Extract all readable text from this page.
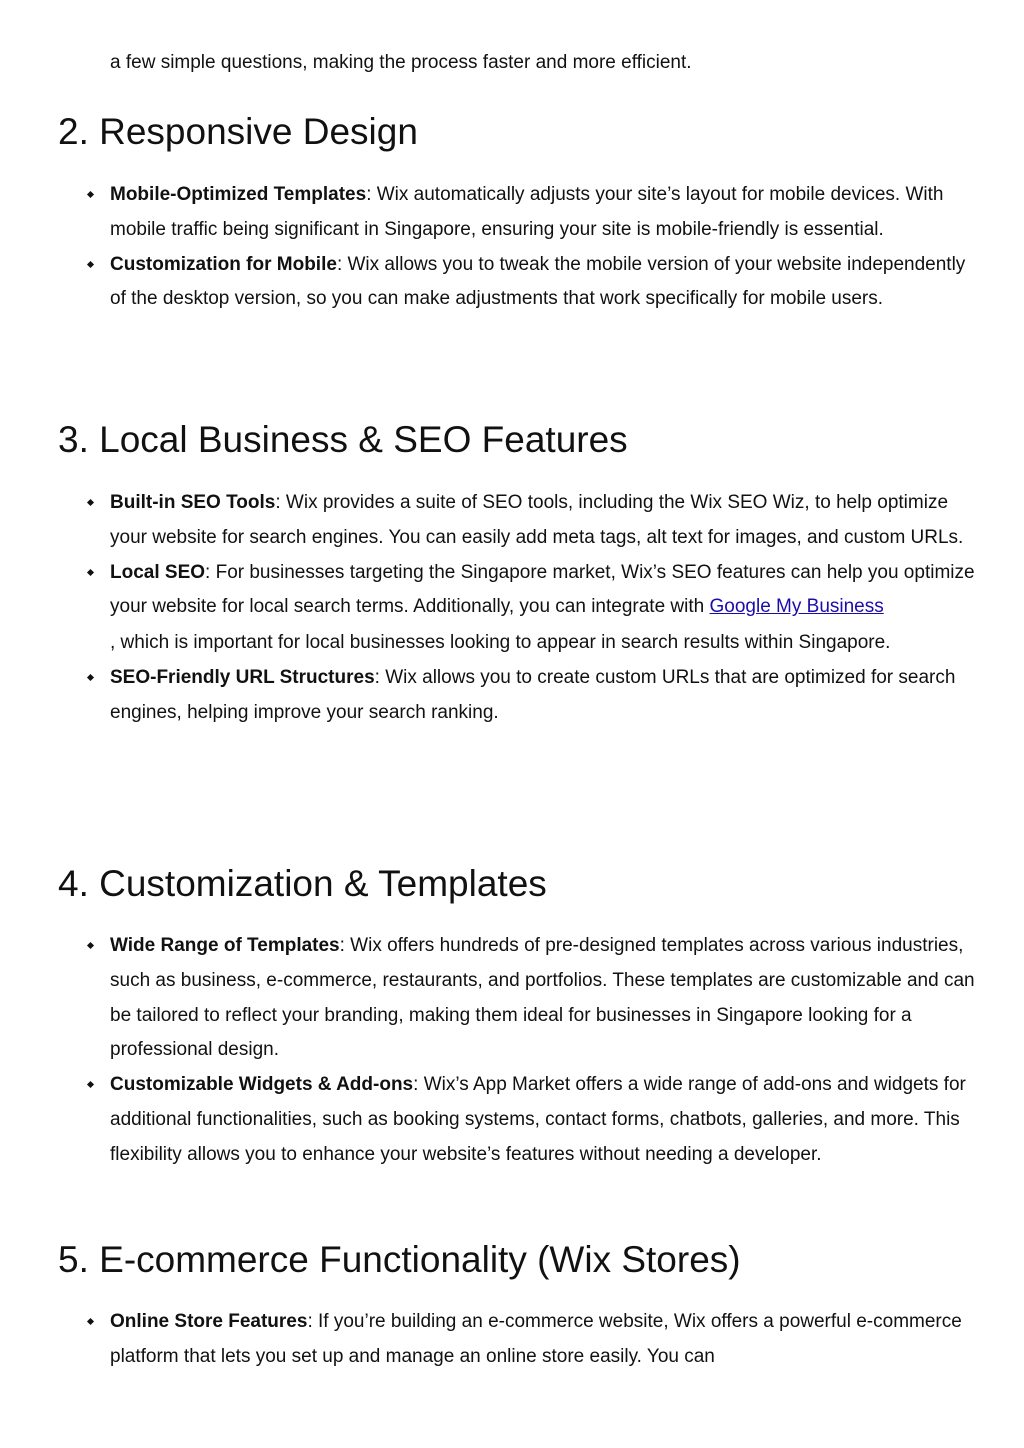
a few simple questions, making the process faster and more efficient.

2. Responsive Design
Mobile-Optimized Templates: Wix automatically adjusts your site’s layout for mobile devices. With mobile traffic being significant in Singapore, ensuring your site is mobile-friendly is essential.
Customization for Mobile: Wix allows you to tweak the mobile version of your website independently of the desktop version, so you can make adjustments that work specifically for mobile users.
3. Local Business & SEO Features
Built-in SEO Tools: Wix provides a suite of SEO tools, including the Wix SEO Wiz, to help optimize your website for search engines. You can easily add meta tags, alt text for images, and custom URLs.
Local SEO: For businesses targeting the Singapore market, Wix’s SEO features can help you optimize your website for local search terms. Additionally, you can integrate with Google My Business
, which is important for local businesses looking to appear in search results within Singapore.
SEO-Friendly URL Structures: Wix allows you to create custom URLs that are optimized for search engines, helping improve your search ranking.
4. Customization & Templates
Wide Range of Templates: Wix offers hundreds of pre-designed templates across various industries, such as business, e-commerce, restaurants, and portfolios. These templates are customizable and can be tailored to reflect your branding, making them ideal for businesses in Singapore looking for a professional design.
Customizable Widgets & Add-ons: Wix’s App Market offers a wide range of add-ons and widgets for additional functionalities, such as booking systems, contact forms, chatbots, galleries, and more. This flexibility allows you to enhance your website’s features without needing a developer.
5. E-commerce Functionality (Wix Stores)
Online Store Features: If you’re building an e-commerce website, Wix offers a powerful e-commerce platform that lets you set up and manage an online store easily. You can
